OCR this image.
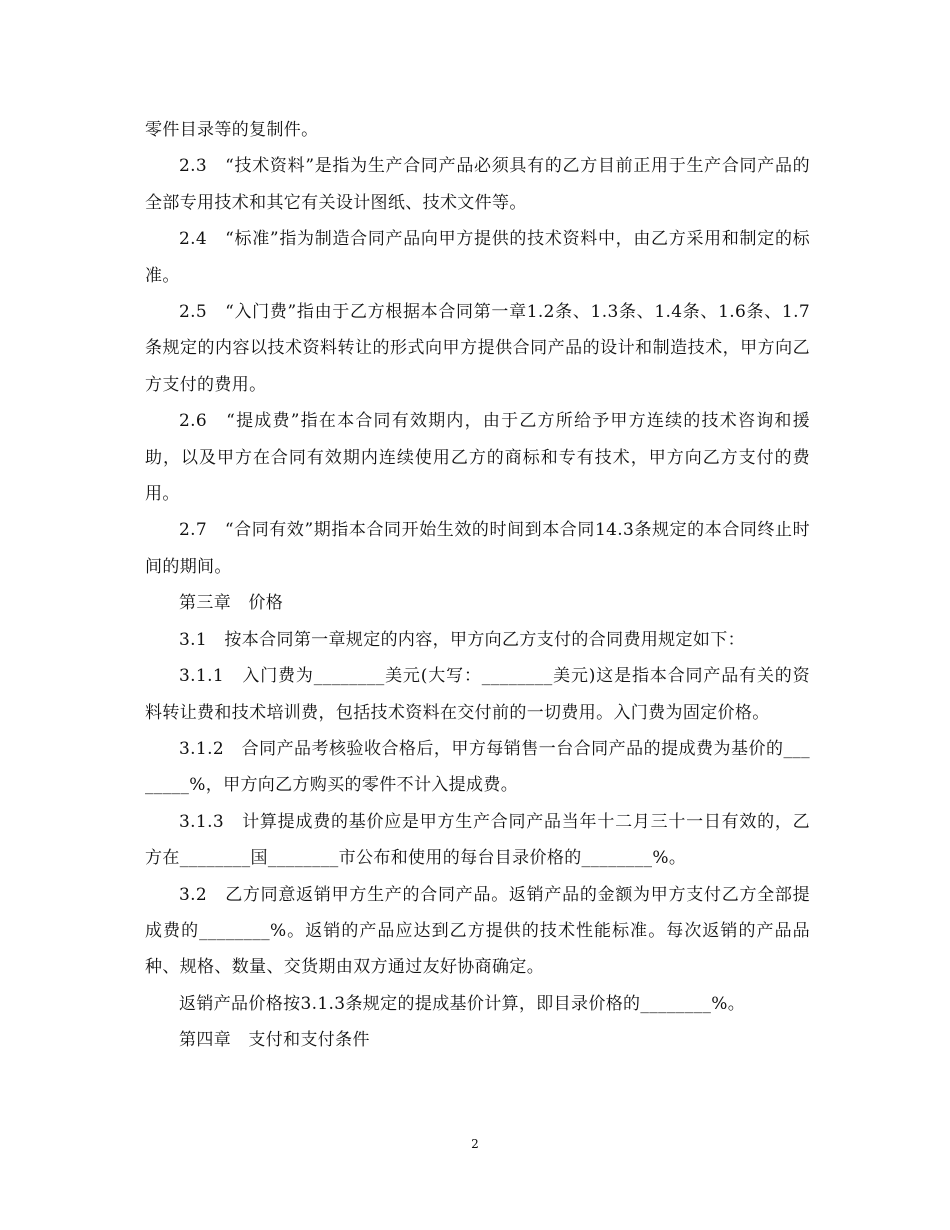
零件目录等的复制件。

2.3　“技术资料”是指为生产合同产品必须具有的乙方目前正用于生产合同产品的全部专用技术和其它有关设计图纸、技术文件等。

2.4　“标准”指为制造合同产品向甲方提供的技术资料中，由乙方采用和制定的标准。

2.5　“入门费”指由于乙方根据本合同第一章1.2条、1.3条、1.4条、1.6条、1.7条规定的内容以技术资料转让的形式向甲方提供合同产品的设计和制造技术，甲方向乙方支付的费用。

2.6　“提成费”指在本合同有效期内，由于乙方所给予甲方连续的技术咨询和援助，以及甲方在合同有效期内连续使用乙方的商标和专有技术，甲方向乙方支付的费用。

2.7　“合同有效”期指本合同开始生效的时间到本合同14.3条规定的本合同终止时间的期间。

第三章　价格

3.1　按本合同第一章规定的内容，甲方向乙方支付的合同费用规定如下：

3.1.1　入门费为________美元(大写：________美元)这是指本合同产品有关的资料转让费和技术培训费，包括技术资料在交付前的一切费用。入门费为固定价格。

3.1.2　合同产品考核验收合格后，甲方每销售一台合同产品的提成费为基价的________%，甲方向乙方购买的零件不计入提成费。

3.1.3　计算提成费的基价应是甲方生产合同产品当年十二月三十一日有效的，乙方在________国________市公布和使用的每台目录价格的________%。

3.2　乙方同意返销甲方生产的合同产品。返销产品的金额为甲方支付乙方全部提成费的________%。返销的产品应达到乙方提供的技术性能标准。每次返销的产品品种、规格、数量、交货期由双方通过友好协商确定。

返销产品价格按3.1.3条规定的提成基价计算，即目录价格的________%。

第四章　支付和支付条件

2
